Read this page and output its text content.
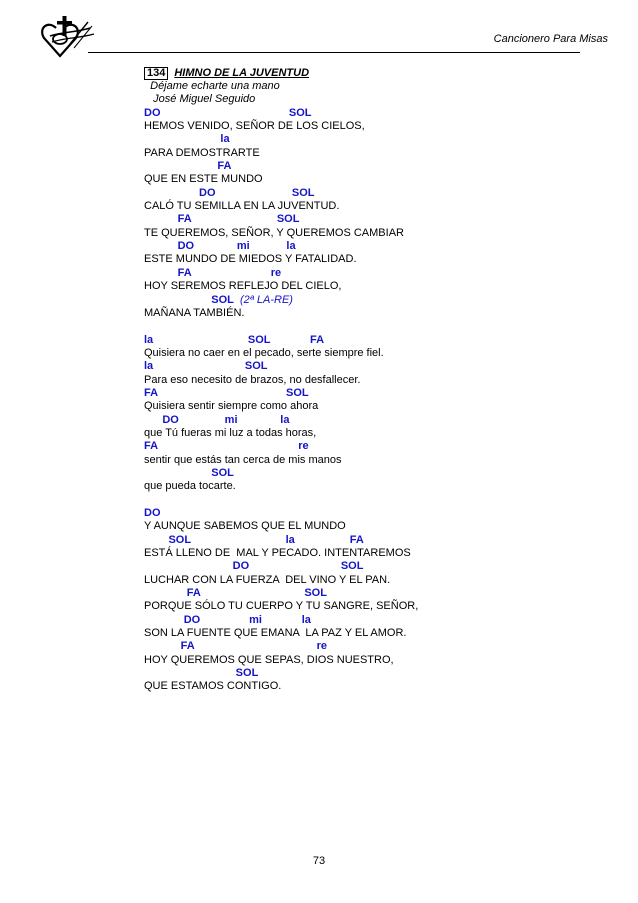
Cancionero Para Misas
134 HIMNO DE LA JUVENTUD
Déjame echarte una mano
José Miguel Seguido
DO                                          SOL
HEMOS VENIDO, SEÑOR DE LOS CIELOS,
la
PARA DEMOSTRARTE
FA
QUE EN ESTE MUNDO
DO                         SOL
CALÓ TU SEMILLA EN LA JUVENTUD.
FA                            SOL
TE QUEREMOS, SEÑOR, Y QUEREMOS CAMBIAR
DO              mi            la
ESTE MUNDO DE MIEDOS Y FATALIDAD.
FA                          re
HOY SEREMOS REFLEJO DEL CIELO,
SOL  (2ª LA-RE)
MAÑANA TAMBIÉN.
la                               SOL             FA
Quisiera no caer en el pecado, serte siempre fiel.
la                              SOL
Para eso necesito de brazos, no desfallecer.
FA                                          SOL
Quisiera sentir siempre como ahora
DO               mi              la
que Tú fueras mi luz a todas horas,
FA                                              re
sentir que estás tan cerca de mis manos
SOL
que pueda tocarte.
DO
Y AUNQUE SABEMOS QUE EL MUNDO
SOL                               la                  FA
ESTÁ LLENO DE  MAL Y PECADO. INTENTAREMOS
DO                              SOL
LUCHAR CON LA FUERZA  DEL VINO Y EL PAN.
FA                                  SOL
PORQUE SÓLO TU CUERPO Y TU SANGRE, SEÑOR,
DO                mi             la
SON LA FUENTE QUE EMANA  LA PAZ Y EL AMOR.
FA                                        re
HOY QUEREMOS QUE SEPAS, DIOS NUESTRO,
SOL
QUE ESTAMOS CONTIGO.
73
